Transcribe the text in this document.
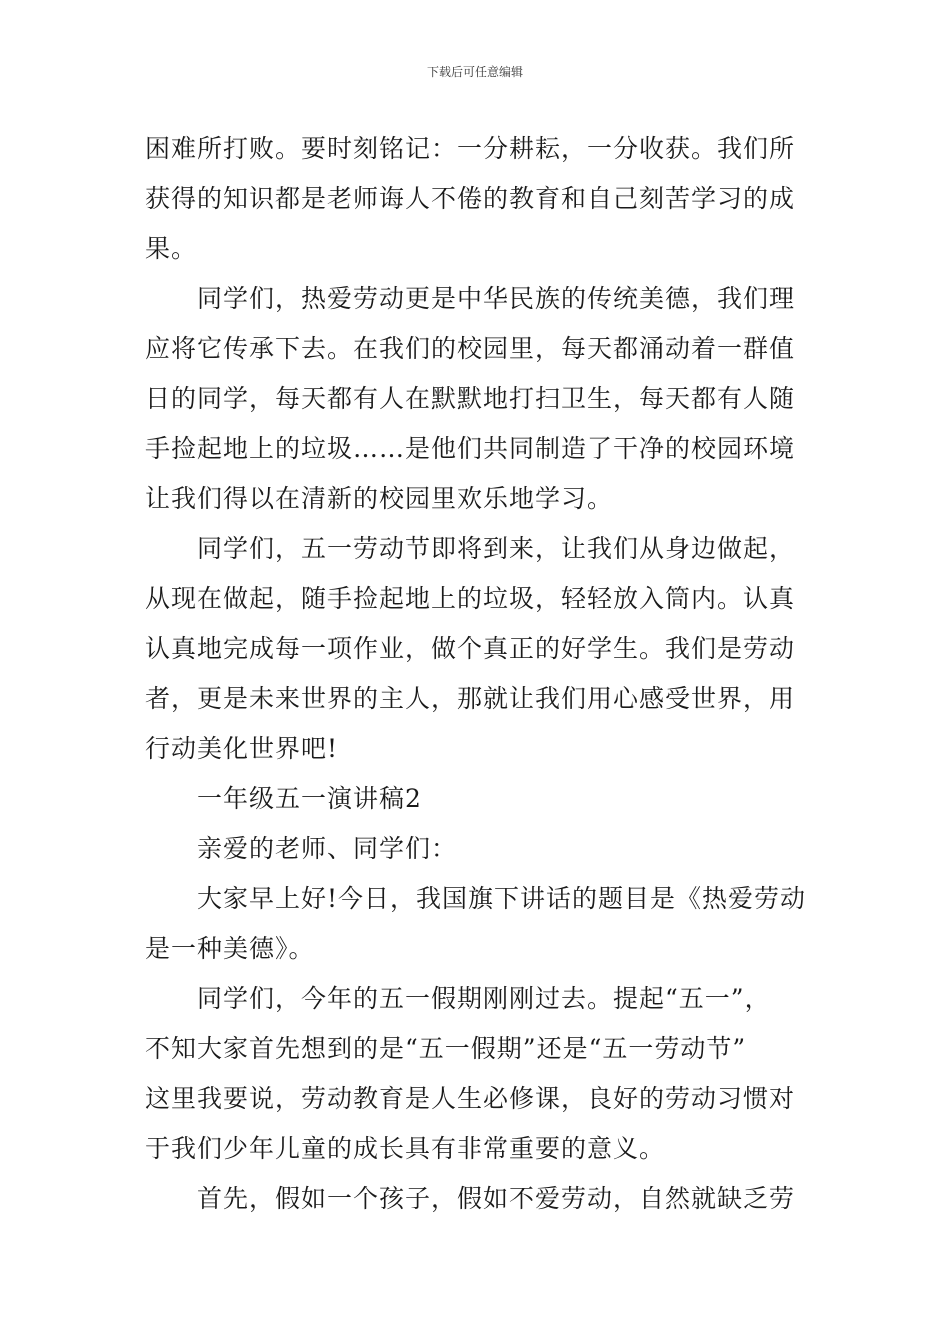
下载后可任意编辑
困难所打败。要时刻铭记：一分耕耘，一分收获。我们所
获得的知识都是老师诲人不倦的教育和自己刻苦学习的成
果。
同学们，热爱劳动更是中华民族的传统美德，我们理
应将它传承下去。在我们的校园里，每天都涌动着一群值
日的同学，每天都有人在默默地打扫卫生，每天都有人随
手捡起地上的垃圾……是他们共同制造了干净的校园环境
让我们得以在清新的校园里欢乐地学习。
同学们，五一劳动节即将到来，让我们从身边做起，
从现在做起，随手捡起地上的垃圾，轻轻放入筒内。认真
认真地完成每一项作业，做个真正的好学生。我们是劳动
者，更是未来世界的主人，那就让我们用心感受世界，用
行动美化世界吧!
一年级五一演讲稿2
亲爱的老师、同学们：
大家早上好!今日，我国旗下讲话的题目是《热爱劳动
是一种美德》。
同学们，今年的五一假期刚刚过去。提起“五一”，
不知大家首先想到的是“五一假期”还是“五一劳动节”
这里我要说，劳动教育是人生必修课，良好的劳动习惯对
于我们少年儿童的成长具有非常重要的意义。
首先，假如一个孩子，假如不爱劳动，自然就缺乏劳
